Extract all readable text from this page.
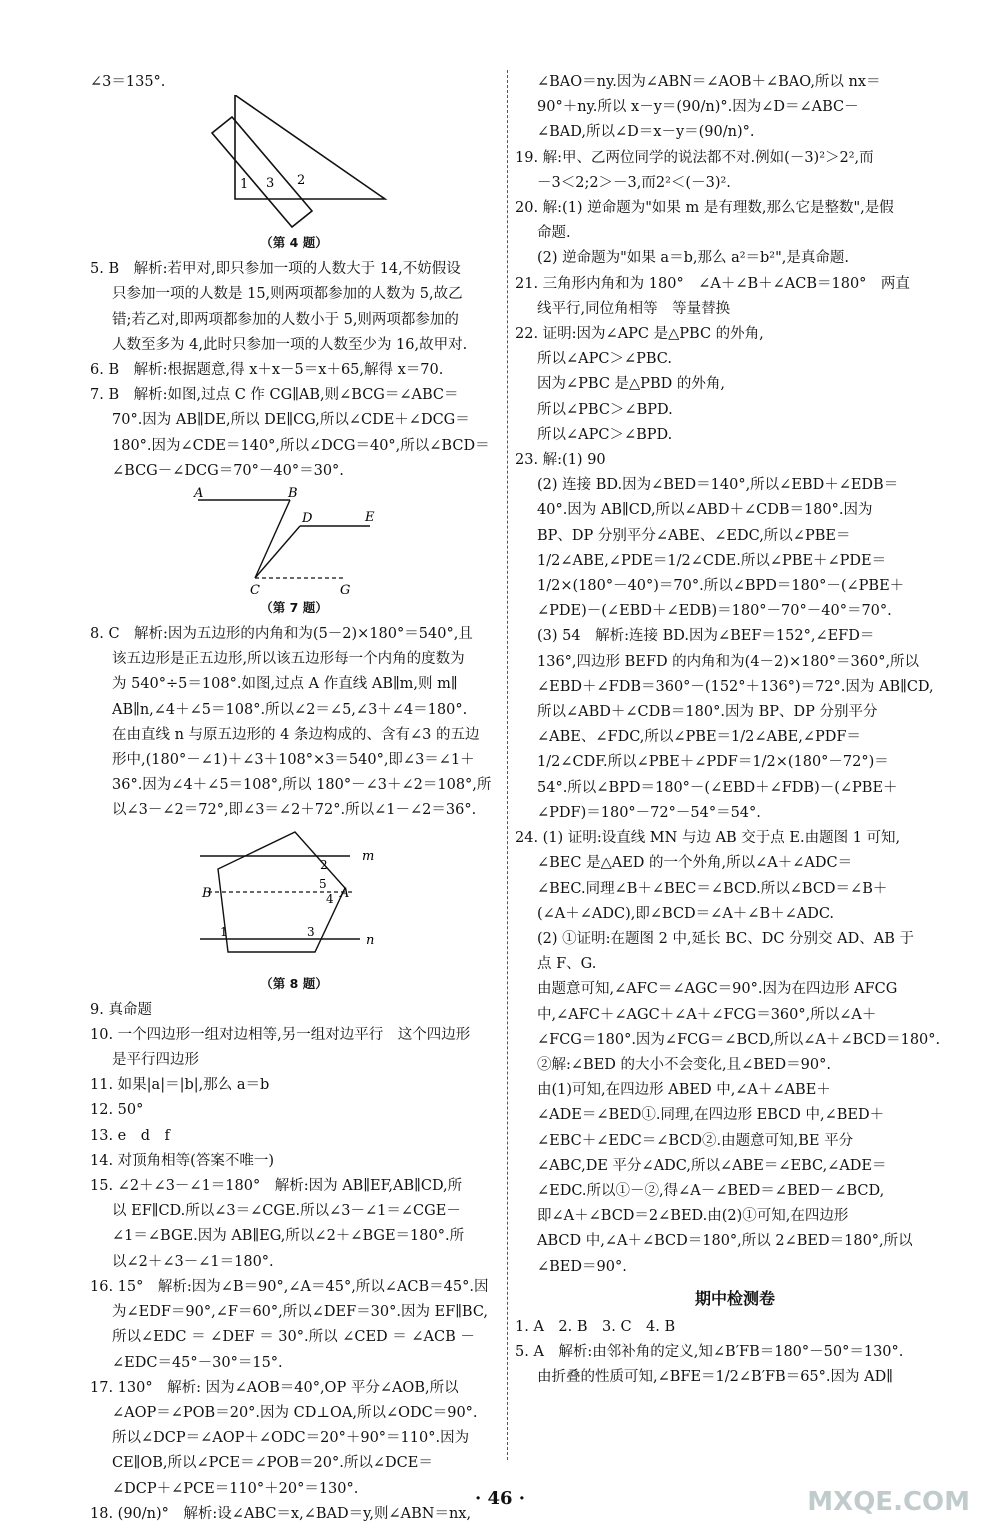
∠3＝135°.
1 3 2
（第 4 题）
5. B　解析:若甲对,即只参加一项的人数大于 14,不妨假设
只参加一项的人数是 15,则两项都参加的人数为 5,故乙
错;若乙对,即两项都参加的人数小于 5,则两项都参加的
人数至多为 4,此时只参加一项的人数至少为 16,故甲对.
6. B　解析:根据题意,得 x＋x－5＝x＋65,解得 x＝70.
7. B　解析:如图,过点 C 作 CG∥AB,则∠BCG＝∠ABC＝
70°.因为 AB∥DE,所以 DE∥CG,所以∠CDE＋∠DCG＝
180°.因为∠CDE＝140°,所以∠DCG＝40°,所以∠BCD＝
∠BCG－∠DCG＝70°－40°＝30°.
A	B
D	E
C	G
（第 7 题）
8. C　解析:因为五边形的内角和为(5－2)×180°＝540°,且
该五边形是正五边形,所以该五边形每一个内角的度数为
为 540°÷5＝108°.如图,过点 A 作直线 AB∥m,则 m∥
AB∥n,∠4＋∠5＝108°.所以∠2＝∠5,∠3＋∠4＝180°.
在由直线 n 与原五边形的 4 条边构成的、含有∠3 的五边
形中,(180°－∠1)＋∠3＋108°×3＝540°,即∠3＝∠1＋
36°.因为∠4＋∠5＝108°,所以 180°－∠3＋∠2＝108°,所
以∠3－∠2＝72°,即∠3＝∠2＋72°.所以∠1－∠2＝36°.
m
2
5
4 A
B
3
1
n
（第 8 题）
9. 真命题
10. 一个四边形一组对边相等,另一组对边平行　这个四边形
是平行四边形
11. 如果|a|＝|b|,那么 a＝b
12. 50°
13. e　d　f
14. 对顶角相等(答案不唯一)
15. ∠2＋∠3－∠1＝180°　解析:因为 AB∥EF,AB∥CD,所
以 EF∥CD.所以∠3＝∠CGE.所以∠3－∠1＝∠CGE－
∠1＝∠BGE.因为 AB∥EG,所以∠2＋∠BGE＝180°.所
以∠2＋∠3－∠1＝180°.
16. 15°　解析:因为∠B＝90°,∠A＝45°,所以∠ACB＝45°.因
为∠EDF＝90°,∠F＝60°,所以∠DEF＝30°.因为 EF∥BC,
所以∠EDC ＝ ∠DEF ＝ 30°.所以 ∠CED ＝ ∠ACB －
∠EDC＝45°－30°＝15°.
17. 130°　解析: 因为∠AOB＝40°,OP 平分∠AOB,所以
∠AOP＝∠POB＝20°.因为 CD⊥OA,所以∠ODC＝90°.
所以∠DCP＝∠AOP＋∠ODC＝20°＋90°＝110°.因为
CE∥OB,所以∠PCE＝∠POB＝20°.所以∠DCE＝
∠DCP＋∠PCE＝110°＋20°＝130°.
18. (90/n)°　解析:设∠ABC＝x,∠BAD＝y,则∠ABN＝nx,
∠BAO＝ny.因为∠ABN＝∠AOB＋∠BAO,所以 nx＝
90°＋ny.所以 x－y＝(90/n)°.因为∠D＝∠ABC－
∠BAD,所以∠D＝x－y＝(90/n)°.
19. 解:甲、乙两位同学的说法都不对.例如(－3)²＞2²,而
－3＜2;2＞－3,而2²＜(－3)².
20. 解:(1) 逆命题为"如果 m 是有理数,那么它是整数",是假
命题.
(2) 逆命题为"如果 a＝b,那么 a²＝b²",是真命题.
21. 三角形内角和为 180°　∠A＋∠B＋∠ACB＝180°　两直
线平行,同位角相等　等量替换
22. 证明:因为∠APC 是△PBC 的外角,
所以∠APC＞∠PBC.
因为∠PBC 是△PBD 的外角,
所以∠PBC＞∠BPD.
所以∠APC＞∠BPD.
23. 解:(1) 90
(2) 连接 BD.因为∠BED＝140°,所以∠EBD＋∠EDB＝
40°.因为 AB∥CD,所以∠ABD＋∠CDB＝180°.因为
BP、DP 分别平分∠ABE、∠EDC,所以∠PBE＝
1/2∠ABE,∠PDE＝1/2∠CDE.所以∠PBE＋∠PDE＝
1/2×(180°－40°)＝70°.所以∠BPD＝180°－(∠PBE＋
∠PDE)－(∠EBD＋∠EDB)＝180°－70°－40°＝70°.
(3) 54　解析:连接 BD.因为∠BEF＝152°,∠EFD＝
136°,四边形 BEFD 的内角和为(4－2)×180°＝360°,所以
∠EBD＋∠FDB＝360°－(152°＋136°)＝72°.因为 AB∥CD,
所以∠ABD＋∠CDB＝180°.因为 BP、DP 分别平分
∠ABE、∠FDC,所以∠PBE＝1/2∠ABE,∠PDF＝
1/2∠CDF.所以∠PBE＋∠PDF＝1/2×(180°－72°)＝
54°.所以∠BPD＝180°－(∠EBD＋∠FDB)－(∠PBE＋
∠PDF)＝180°－72°－54°＝54°.
24. (1) 证明:设直线 MN 与边 AB 交于点 E.由题图 1 可知,
∠BEC 是△AED 的一个外角,所以∠A＋∠ADC＝
∠BEC.同理∠B＋∠BEC＝∠BCD.所以∠BCD＝∠B＋
(∠A＋∠ADC),即∠BCD＝∠A＋∠B＋∠ADC.
(2) ①证明:在题图 2 中,延长 BC、DC 分别交 AD、AB 于
点 F、G.
由题意可知,∠AFC＝∠AGC＝90°.因为在四边形 AFCG
中,∠AFC＋∠AGC＋∠A＋∠FCG＝360°,所以∠A＋
∠FCG＝180°.因为∠FCG＝∠BCD,所以∠A＋∠BCD＝180°.
②解:∠BED 的大小不会变化,且∠BED＝90°.
由(1)可知,在四边形 ABED 中,∠A＋∠ABE＋
∠ADE＝∠BED①.同理,在四边形 EBCD 中,∠BED＋
∠EBC＋∠EDC＝∠BCD②.由题意可知,BE 平分
∠ABC,DE 平分∠ADC,所以∠ABE＝∠EBC,∠ADE＝
∠EDC.所以①－②,得∠A－∠BED＝∠BED－∠BCD,
即∠A＋∠BCD＝2∠BED.由(2)①可知,在四边形
ABCD 中,∠A＋∠BCD＝180°,所以 2∠BED＝180°,所以
∠BED＝90°.
期中检测卷
1. A　2. B　3. C　4. B
5. A　解析:由邻补角的定义,知∠B′FB＝180°－50°＝130°.
由折叠的性质可知,∠BFE＝1/2∠B′FB＝65°.因为 AD∥
· 46 ·	MXQE.COM
